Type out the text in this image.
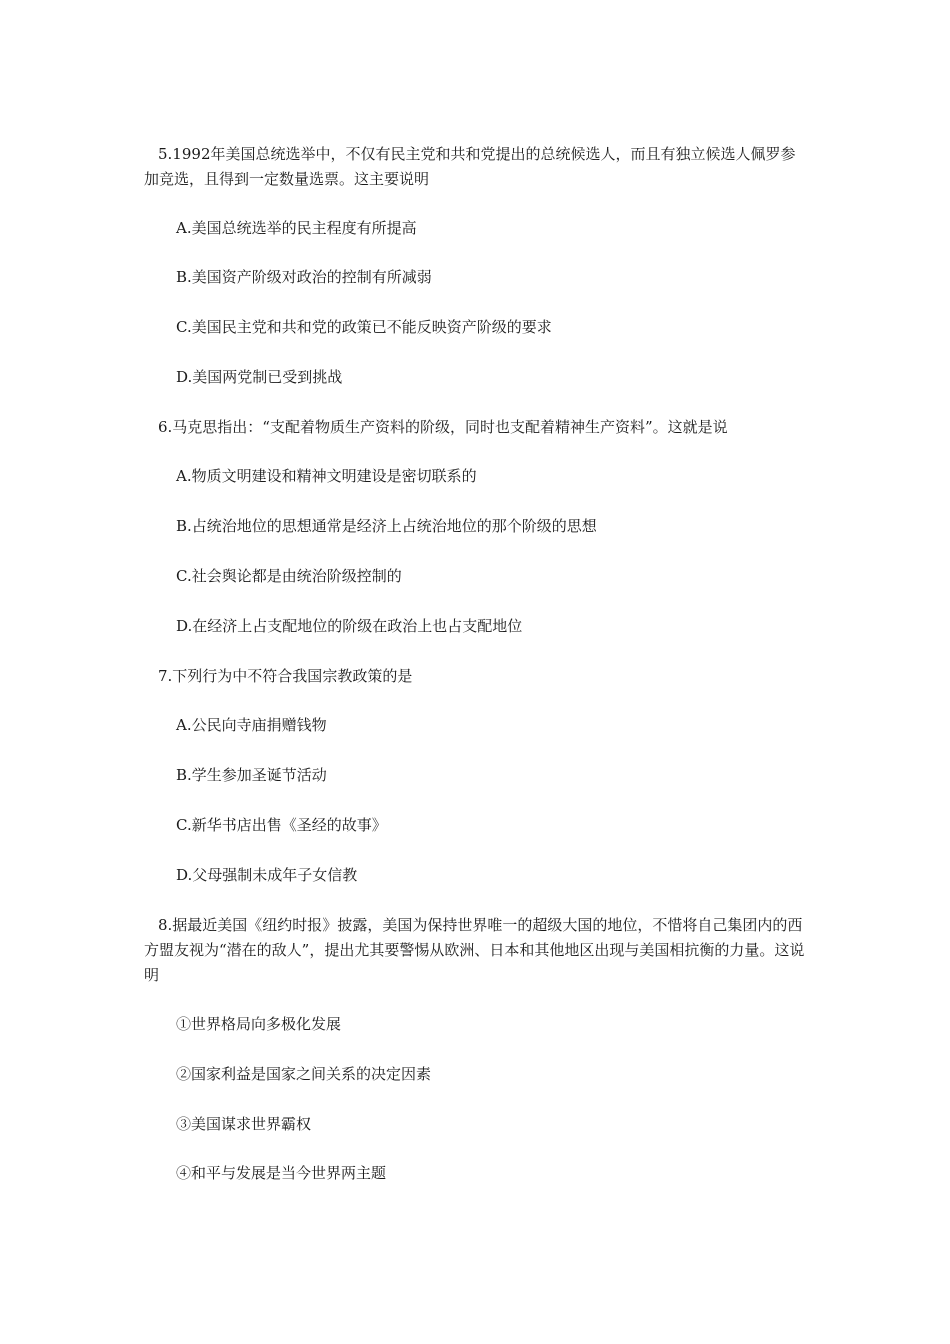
5.1992年美国总统选举中，不仅有民主党和共和党提出的总统候选人，而且有独立候选人佩罗参加竞选，且得到一定数量选票。这主要说明

A.美国总统选举的民主程度有所提高

B.美国资产阶级对政治的控制有所减弱

C.美国民主党和共和党的政策已不能反映资产阶级的要求

D.美国两党制已受到挑战

6.马克思指出：“支配着物质生产资料的阶级，同时也支配着精神生产资料”。这就是说

A.物质文明建设和精神文明建设是密切联系的

B.占统治地位的思想通常是经济上占统治地位的那个阶级的思想

C.社会舆论都是由统治阶级控制的

D.在经济上占支配地位的阶级在政治上也占支配地位

7.下列行为中不符合我国宗教政策的是

A.公民向寺庙捐赠钱物

B.学生参加圣诞节活动

C.新华书店出售《圣经的故事》

D.父母强制未成年子女信教

8.据最近美国《纽约时报》披露，美国为保持世界唯一的超级大国的地位，不惜将自己集团内的西方盟友视为“潜在的敌人”，提出尤其要警惕从欧洲、日本和其他地区出现与美国相抗衡的力量。这说明

①世界格局向多极化发展

②国家利益是国家之间关系的决定因素

③美国谋求世界霸权

④和平与发展是当今世界两主题
